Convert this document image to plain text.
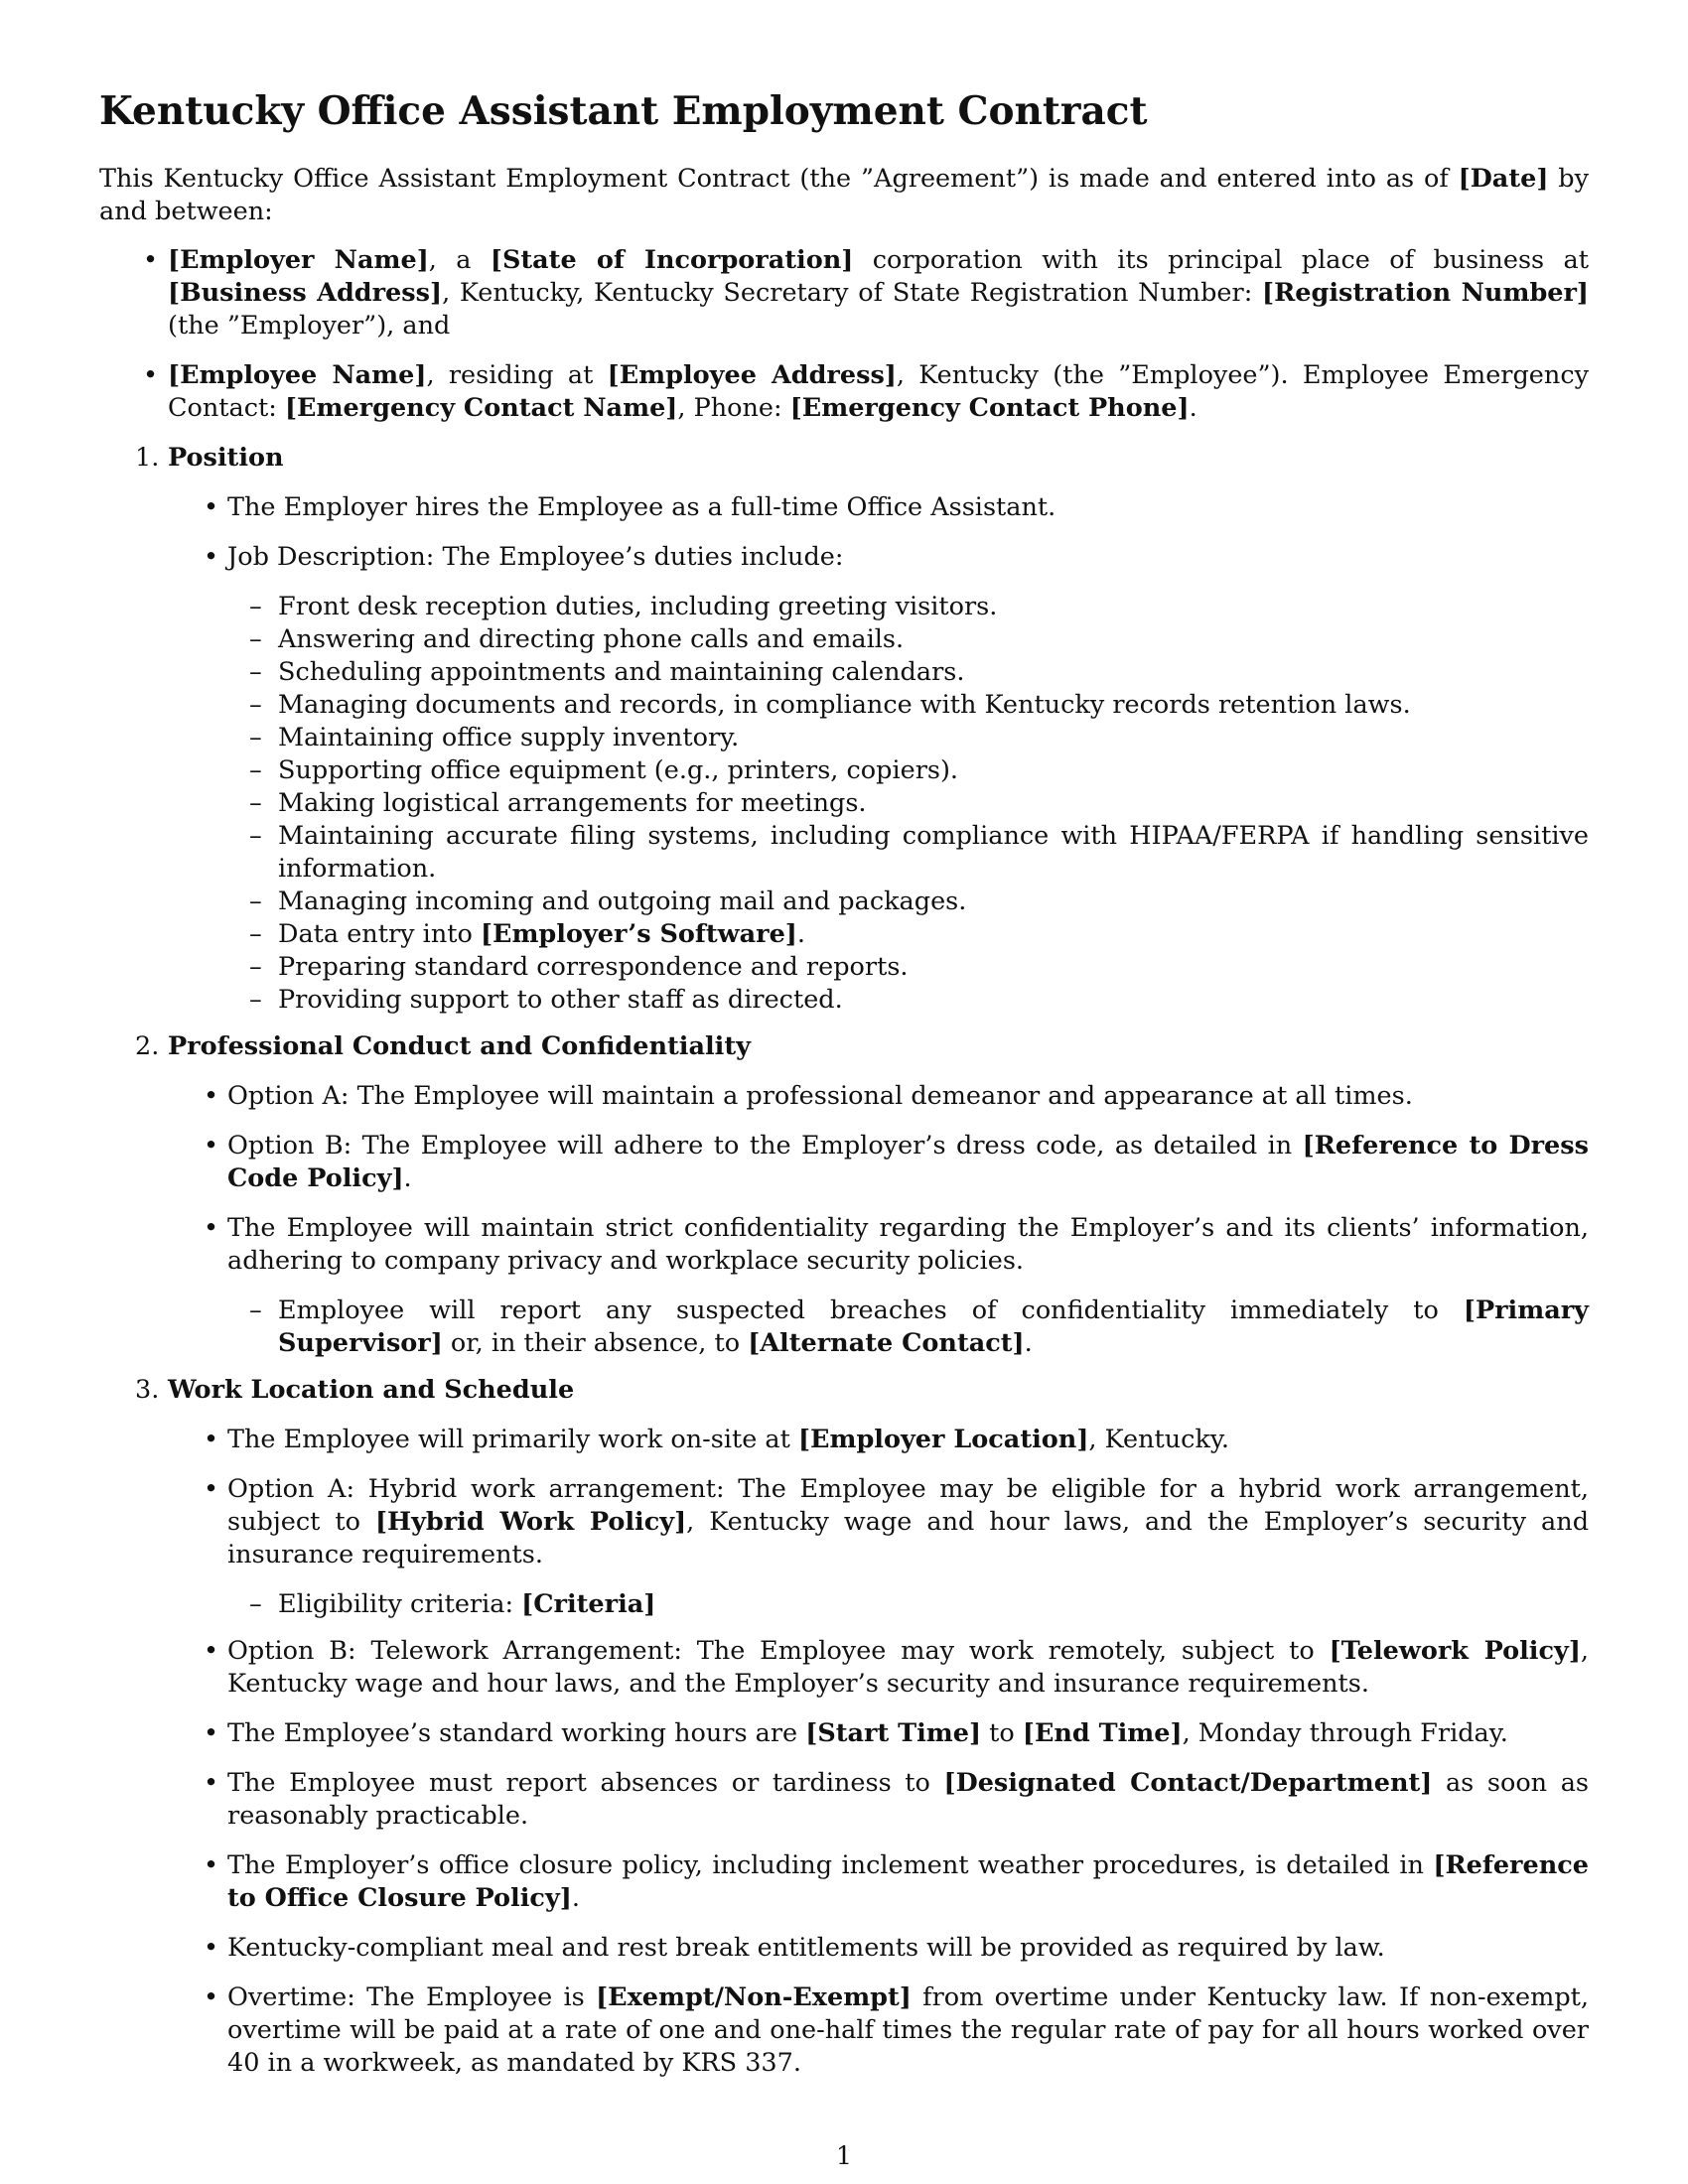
Kentucky Office Assistant Employment Contract

This Kentucky Office Assistant Employment Contract (the ”Agreement”) is made and entered into as of [Date] by and between:

• [Employer Name], a [State of Incorporation] corporation with its principal place of business at [Business Address], Kentucky, Kentucky Secretary of State Registration Number: [Registration Number] (the ”Employer”), and
• [Employee Name], residing at [Employee Address], Kentucky (the ”Employee”). Employee Emergency Contact: [Emergency Contact Name], Phone: [Emergency Contact Phone].
1. Position
• The Employer hires the Employee as a full-time Office Assistant.
• Job Description: The Employee’s duties include:
– Front desk reception duties, including greeting visitors.
– Answering and directing phone calls and emails.
– Scheduling appointments and maintaining calendars.
– Managing documents and records, in compliance with Kentucky records retention laws.
– Maintaining office supply inventory.
– Supporting office equipment (e.g., printers, copiers).
– Making logistical arrangements for meetings.
– Maintaining accurate filing systems, including compliance with HIPAA/FERPA if handling sensitive information.
– Managing incoming and outgoing mail and packages.
– Data entry into [Employer’s Software].
– Preparing standard correspondence and reports.
– Providing support to other staff as directed.
2. Professional Conduct and Confidentiality
• Option A: The Employee will maintain a professional demeanor and appearance at all times.
• Option B: The Employee will adhere to the Employer’s dress code, as detailed in [Reference to Dress Code Policy].
• The Employee will maintain strict confidentiality regarding the Employer’s and its clients’ information, adhering to company privacy and workplace security policies.
– Employee will report any suspected breaches of confidentiality immediately to [Primary Supervisor] or, in their absence, to [Alternate Contact].
3. Work Location and Schedule
• The Employee will primarily work on-site at [Employer Location], Kentucky.
• Option A: Hybrid work arrangement: The Employee may be eligible for a hybrid work arrangement, subject to [Hybrid Work Policy], Kentucky wage and hour laws, and the Employer’s security and insurance requirements.
– Eligibility criteria: [Criteria]
• Option B: Telework Arrangement: The Employee may work remotely, subject to [Telework Policy], Kentucky wage and hour laws, and the Employer’s security and insurance requirements.
• The Employee’s standard working hours are [Start Time] to [End Time], Monday through Friday.
• The Employee must report absences or tardiness to [Designated Contact/Department] as soon as reasonably practicable.
• The Employer’s office closure policy, including inclement weather procedures, is detailed in [Reference to Office Closure Policy].
• Kentucky-compliant meal and rest break entitlements will be provided as required by law.
• Overtime: The Employee is [Exempt/Non-Exempt] from overtime under Kentucky law. If non-exempt, overtime will be paid at a rate of one and one-half times the regular rate of pay for all hours worked over 40 in a workweek, as mandated by KRS 337.
1
